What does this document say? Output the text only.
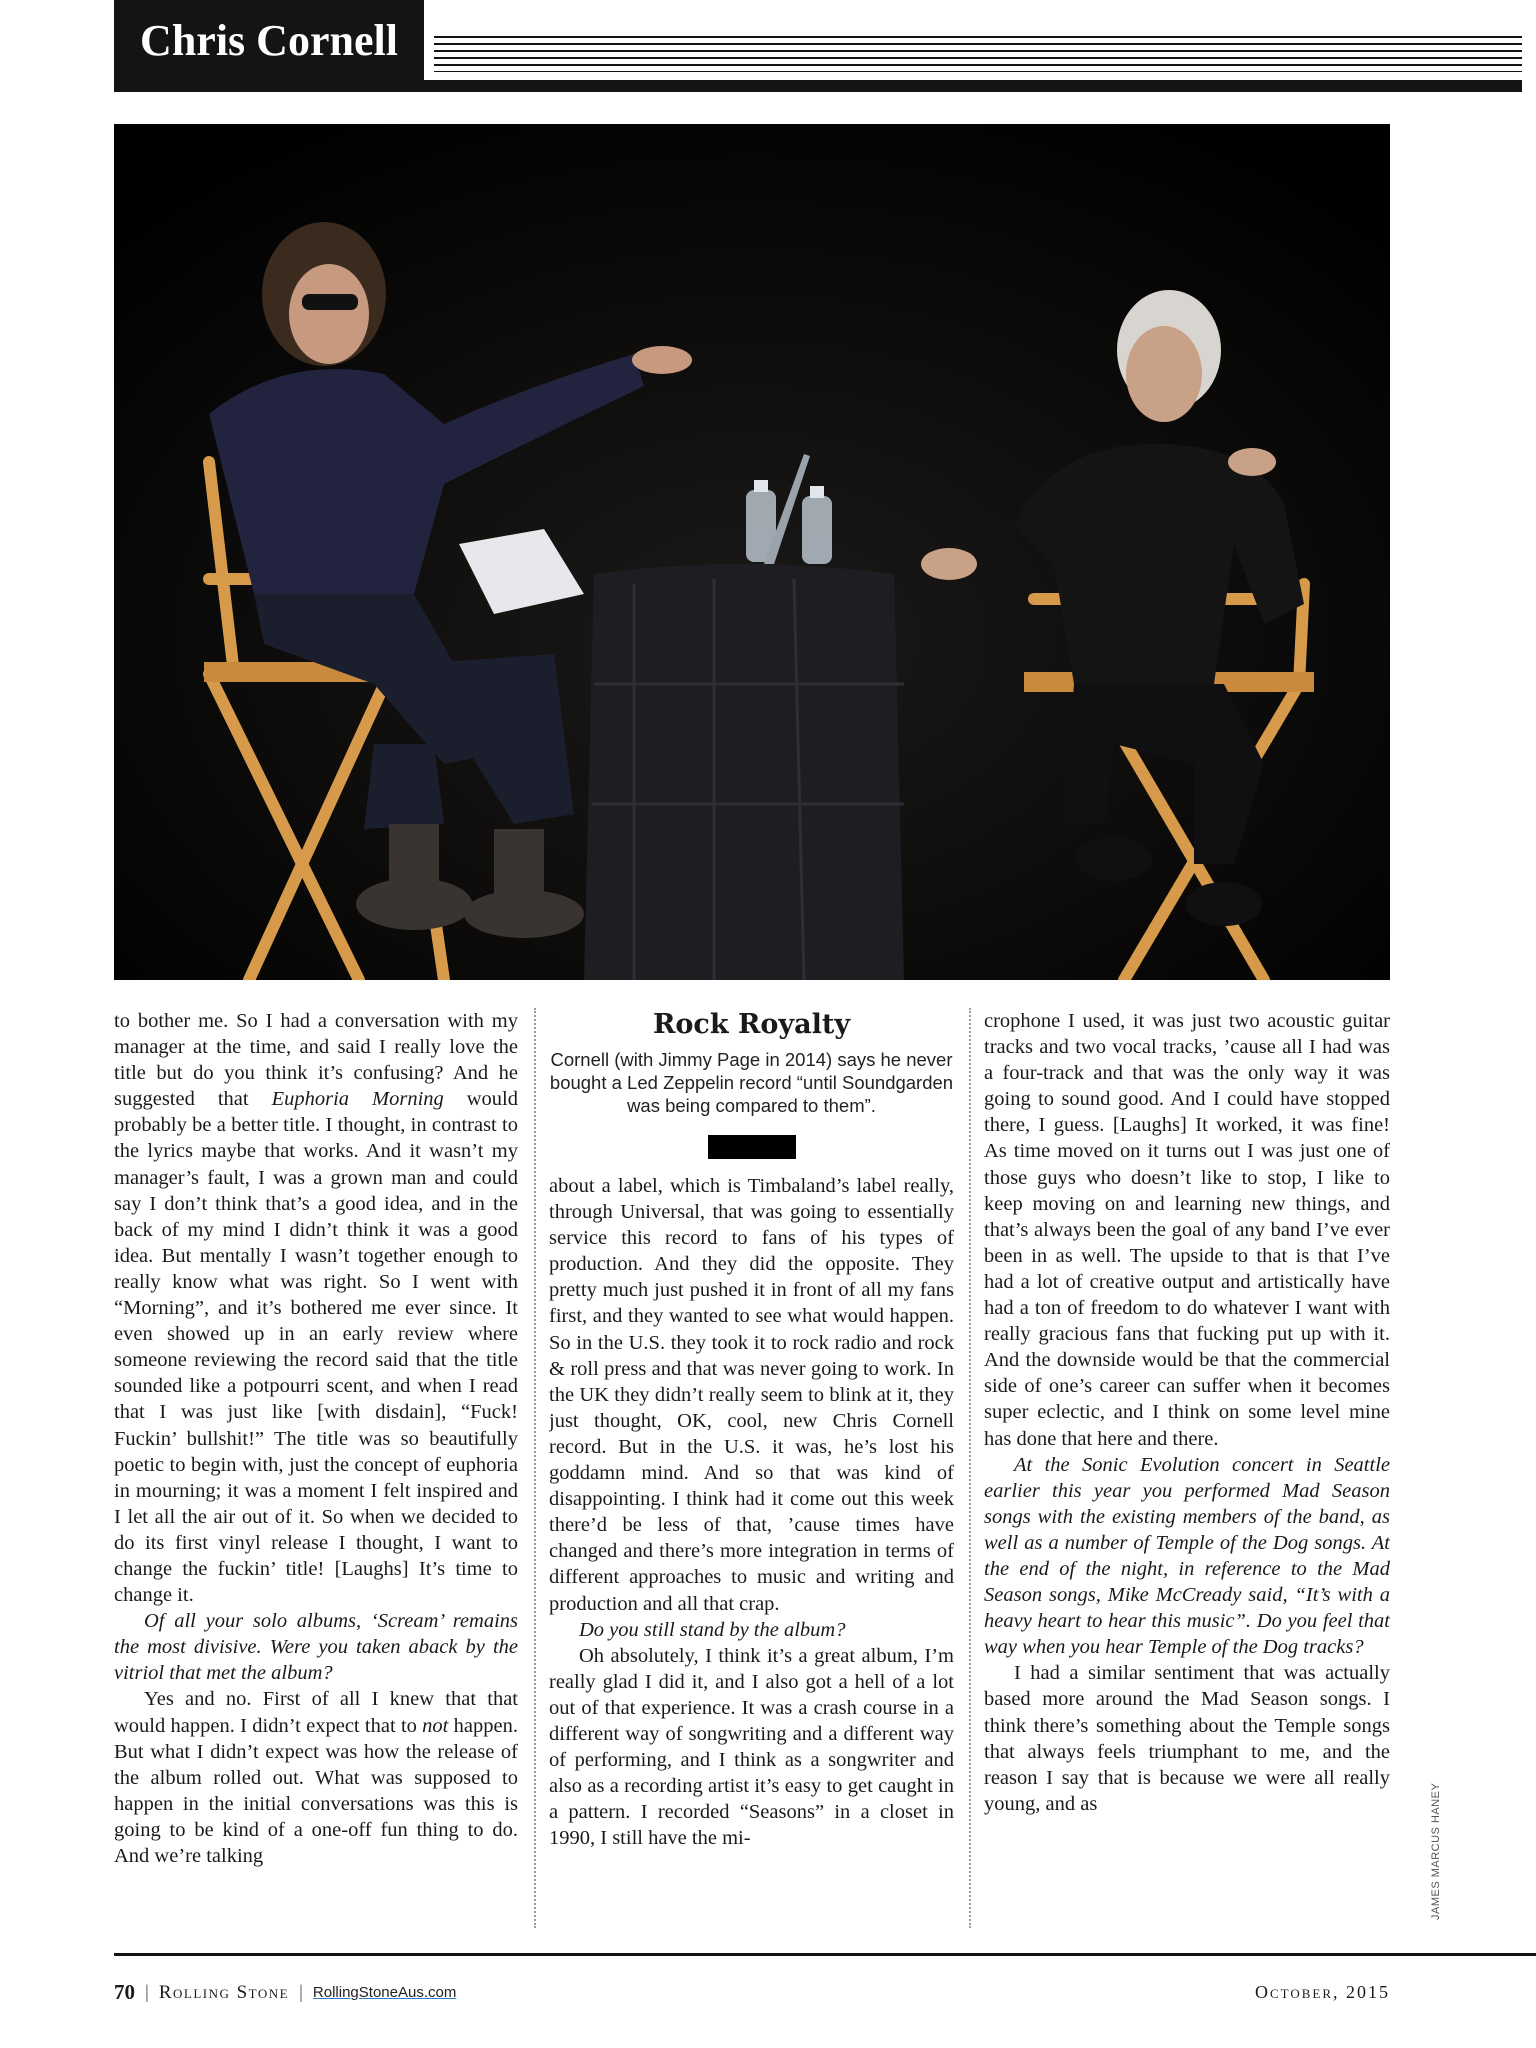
Chris Cornell
JAMES MARCUS HANEY

to bother me. So I had a conversation with my manager at the time, and said I really love the title but do you think it’s confusing? And he suggested that Euphoria Morning would probably be a better title. I thought, in contrast to the lyrics maybe that works. And it wasn’t my manager’s fault, I was a grown man and could say I don’t think that’s a good idea, and in the back of my mind I didn’t think it was a good idea. But mentally I wasn’t together enough to really know what was right. So I went with “Morning”, and it’s bothered me ever since. It even showed up in an early review where someone reviewing the record said that the title sounded like a potpourri scent, and when I read that I was just like [with disdain], “Fuck! Fuckin’ bullshit!” The title was so beautifully poetic to begin with, just the concept of euphoria in mourning; it was a moment I felt inspired and I let all the air out of it. So when we decided to do its first vinyl release I thought, I want to change the fuckin’ title! [Laughs] It’s time to change it.

Of all your solo albums, ‘Scream’ remains the most divisive. Were you taken aback by the vitriol that met the album?

Yes and no. First of all I knew that that would happen. I didn’t expect that to not happen. But what I didn’t expect was how the release of the album rolled out. What was supposed to happen in the initial conversations was this is going to be kind of a one-off fun thing to do. And we’re talking

Rock Royalty
Cornell (with Jimmy Page in 2014) says he never bought a Led Zeppelin record “until Soundgarden was being compared to them”.

about a label, which is Timbaland’s label really, through Universal, that was going to essentially service this record to fans of his types of production. And they did the opposite. They pretty much just pushed it in front of all my fans first, and they wanted to see what would happen. So in the U.S. they took it to rock radio and rock & roll press and that was never going to work. In the UK they didn’t really seem to blink at it, they just thought, OK, cool, new Chris Cornell record. But in the U.S. it was, he’s lost his goddamn mind. And so that was kind of disappointing. I think had it come out this week there’d be less of that, ’cause times have changed and there’s more integration in terms of different approaches to music and writing and production and all that crap.

Do you still stand by the album?

Oh absolutely, I think it’s a great album, I’m really glad I did it, and I also got a hell of a lot out of that experience. It was a crash course in a different way of songwriting and a different way of performing, and I think as a songwriter and also as a recording artist it’s easy to get caught in a pattern. I recorded “Seasons” in a closet in 1990, I still have the mi-

crophone I used, it was just two acoustic guitar tracks and two vocal tracks, ’cause all I had was a four-track and that was the only way it was going to sound good. And I could have stopped there, I guess. [Laughs] It worked, it was fine! As time moved on it turns out I was just one of those guys who doesn’t like to stop, I like to keep moving on and learning new things, and that’s always been the goal of any band I’ve ever been in as well. The upside to that is that I’ve had a lot of creative output and artistically have had a ton of freedom to do whatever I want with really gracious fans that fucking put up with it. And the downside would be that the commercial side of one’s career can suffer when it becomes super eclectic, and I think on some level mine has done that here and there.

At the Sonic Evolution concert in Seattle earlier this year you performed Mad Season songs with the existing members of the band, as well as a number of Temple of the Dog songs. At the end of the night, in reference to the Mad Season songs, Mike McCready said, “It’s with a heavy heart to hear this music”. Do you feel that way when you hear Temple of the Dog tracks?

I had a similar sentiment that was actually based more around the Mad Season songs. I think there’s something about the Temple songs that always feels triumphant to me, and the reason I say that is because we were all really young, and as

70 | Rolling Stone | RollingStoneAus.com	October, 2015
